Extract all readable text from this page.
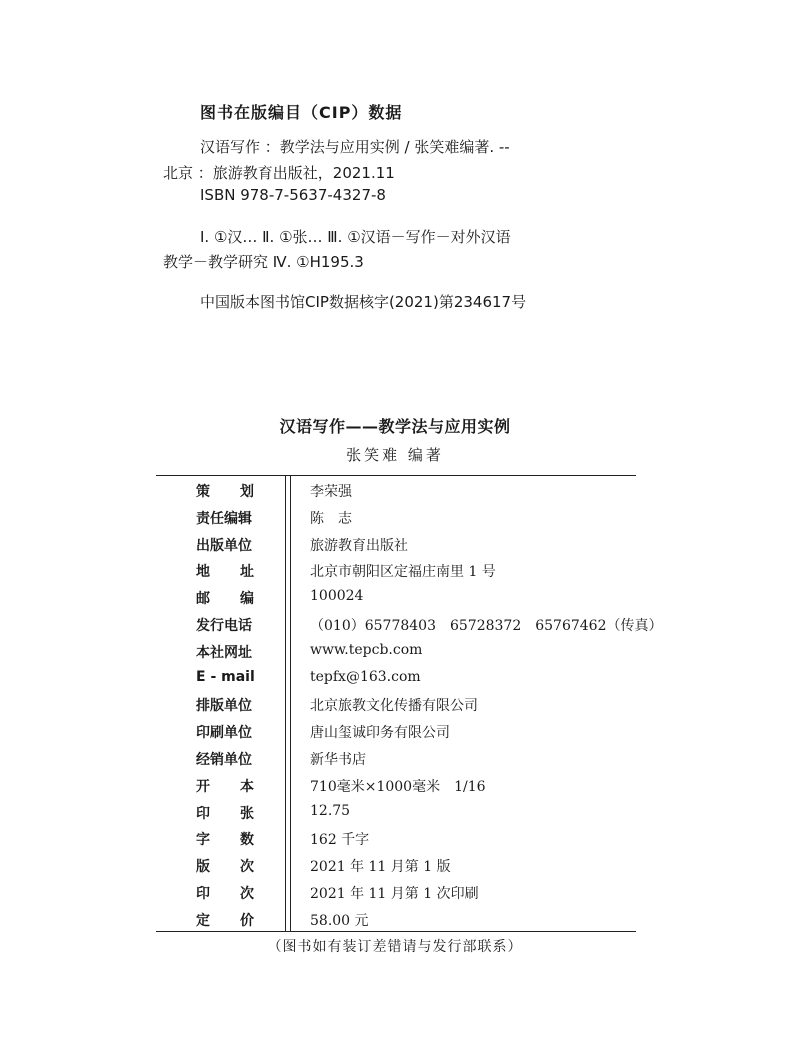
图书在版编目（CIP）数据
汉语写作 ：教学法与应用实例 / 张笑难编著. --
北京 ：旅游教育出版社，2021.11
ISBN 978-7-5637-4327-8
Ⅰ. ①汉… Ⅱ. ①张… Ⅲ. ①汉语－写作－对外汉语
教学－教学研究 Ⅳ. ①H195.3
中国版本图书馆CIP数据核字(2021)第234617号
汉语写作——教学法与应用实例
张笑难 编著
策划 李荣强
责任编辑	陈　志
出版单位	旅游教育出版社
地址 北京市朝阳区定福庄南里 1 号
邮编 100024
发行电话	（010）65778403　65728372　65767462（传真）
本社网址	www.tepcb.com
E - mail	tepfx@163.com
排版单位	北京旅教文化传播有限公司
印刷单位	唐山玺诚印务有限公司
经销单位	新华书店
开本 710毫米×1000毫米　1/16
印张 12.75
字数 162 千字
版次 2021 年 11 月第 1 版
印次 2021 年 11 月第 1 次印刷
定价 58.00 元
（图书如有装订差错请与发行部联系）
